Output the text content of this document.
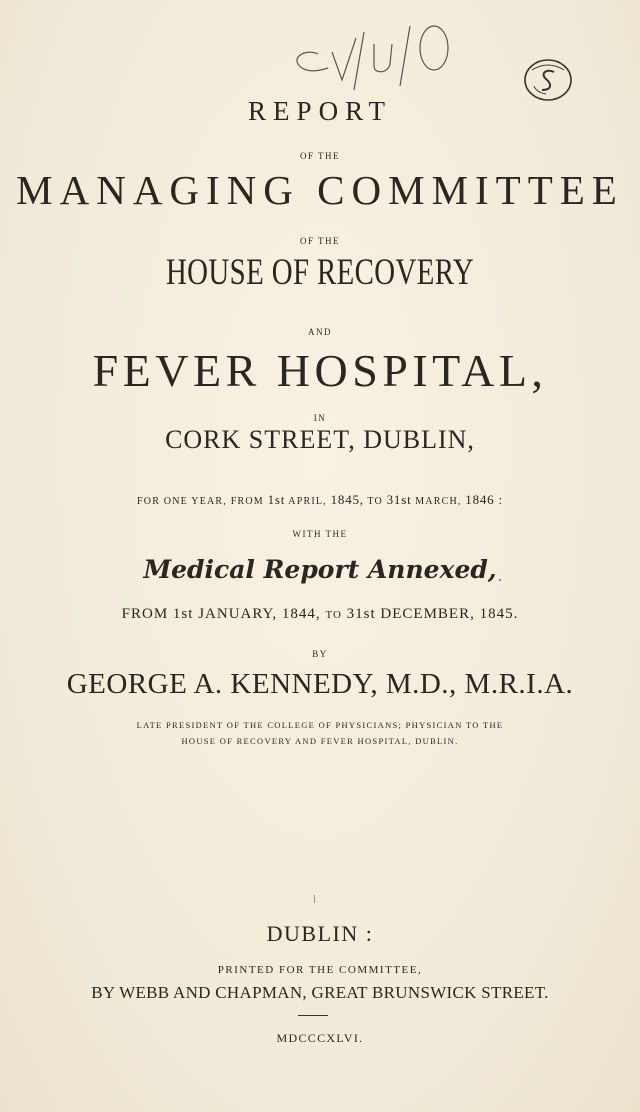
REPORT
OF THE
MANAGING COMMITTEE
OF THE
HOUSE OF RECOVERY
AND
FEVER HOSPITAL,
IN
CORK STREET, DUBLIN,
FOR ONE YEAR, FROM 1st APRIL, 1845, TO 31st MARCH, 1846 :
WITH THE
Medical Report Annexed,
FROM 1st JANUARY, 1844, TO 31st DECEMBER, 1845.
BY
GEORGE A. KENNEDY, M.D., M.R.I.A.
LATE PRESIDENT OF THE COLLEGE OF PHYSICIANS; PHYSICIAN TO THE
HOUSE OF RECOVERY AND FEVER HOSPITAL, DUBLIN.
DUBLIN :
PRINTED FOR THE COMMITTEE,
BY WEBB AND CHAPMAN, GREAT BRUNSWICK STREET.
MDCCCXLVI.
